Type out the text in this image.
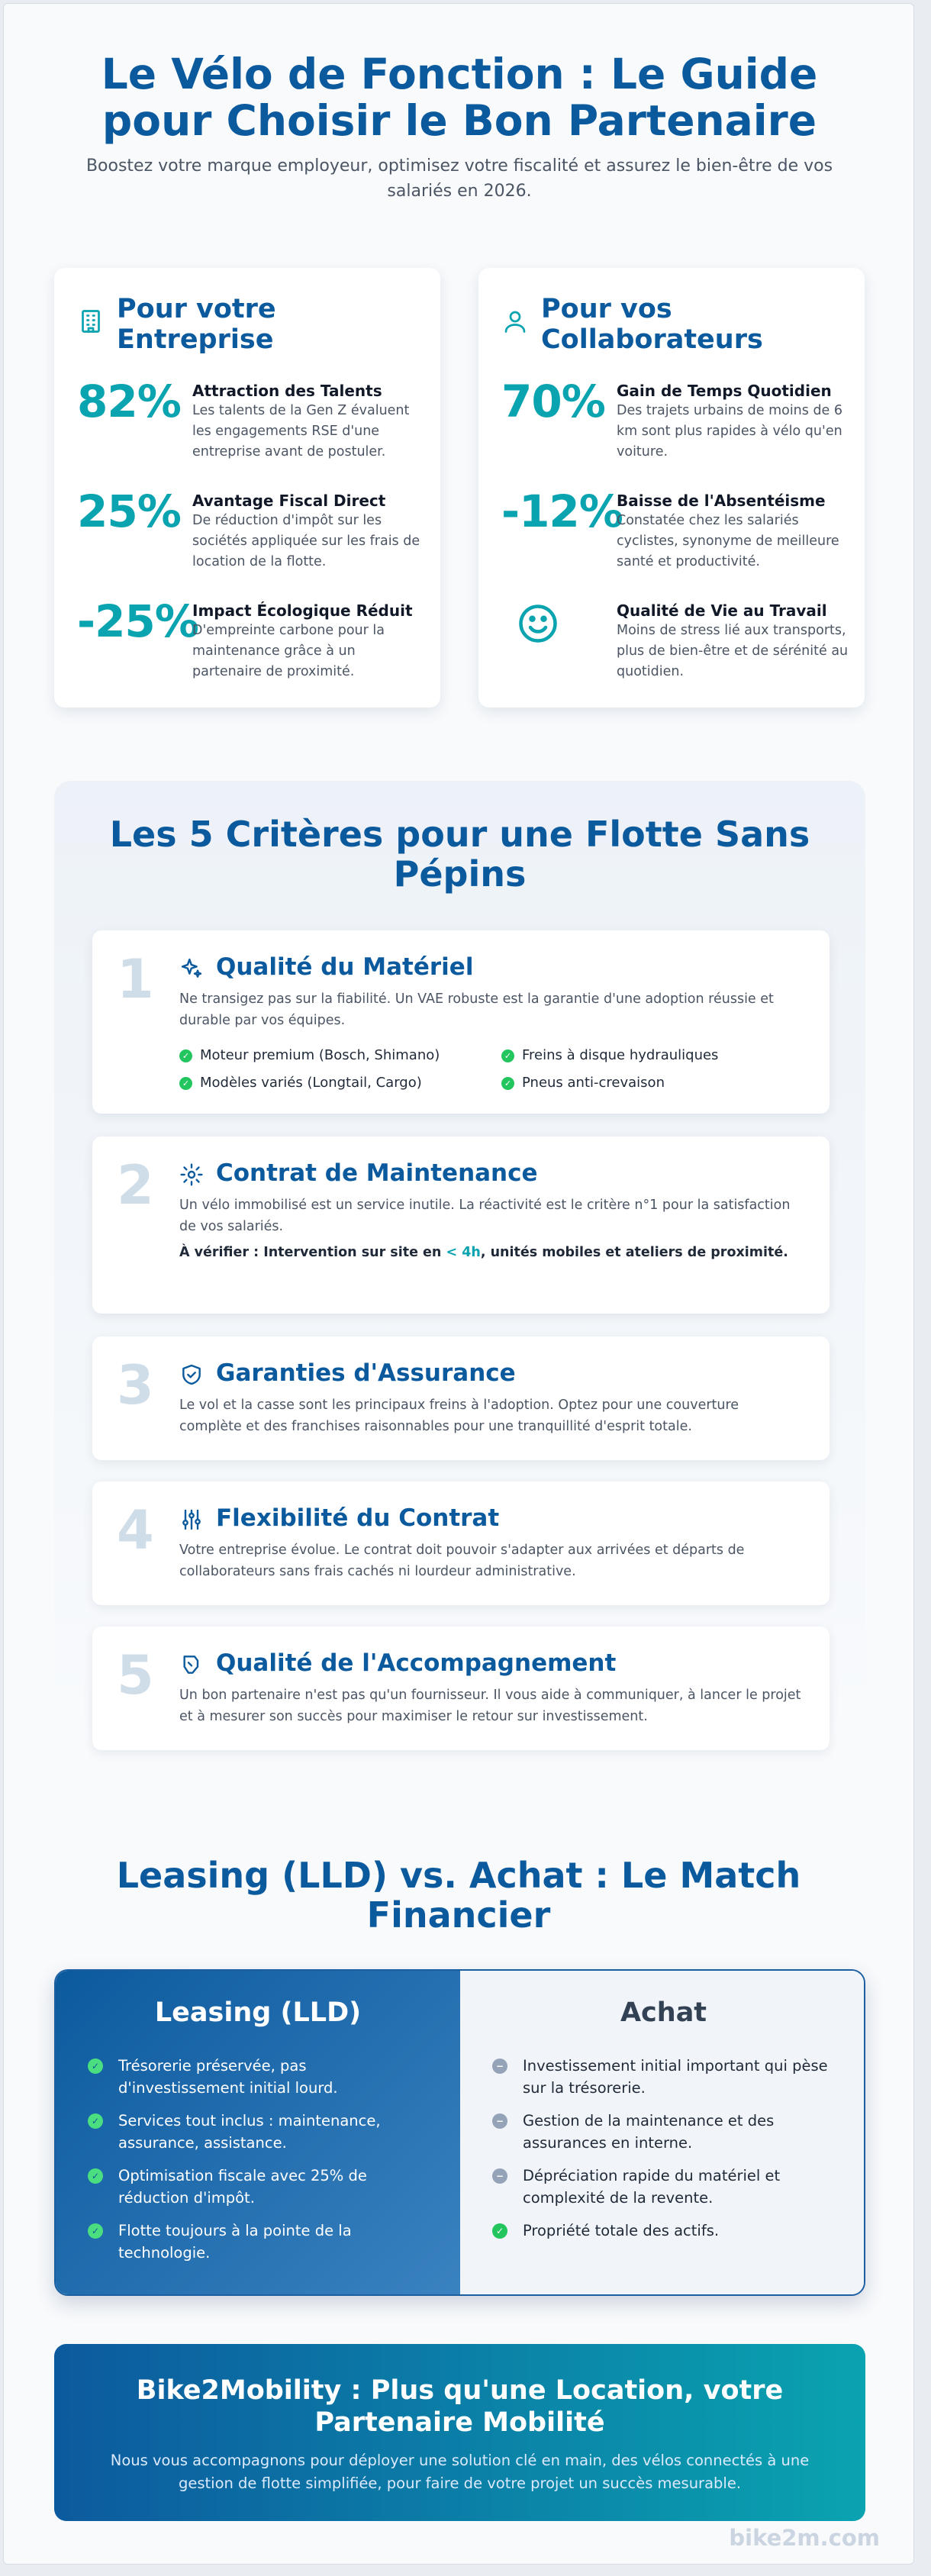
Le Vélo de Fonction : Le Guide pour Choisir le Bon Partenaire

Boostez votre marque employeur, optimisez votre fiscalité et assurez le bien-être de vos salariés en 2026.

Pour votre Entreprise
82% Attraction des Talents

Les talents de la Gen Z évaluent les engagements RSE d'une entreprise avant de postuler.

25% Avantage Fiscal Direct

De réduction d'impôt sur les sociétés appliquée sur les frais de location de la flotte.

-25%
Impact Écologique Réduit

D'empreinte carbone pour la maintenance grâce à un partenaire de proximité.

Pour vos Collaborateurs
70% Gain de Temps Quotidien

Des trajets urbains de moins de 6 km sont plus rapides à vélo qu'en voiture.

-12%
Baisse de l'Absentéisme

Constatée chez les salariés cyclistes, synonyme de meilleure santé et productivité.

Qualité de Vie au Travail

Moins de stress lié aux transports, plus de bien-être et de sérénité au quotidien.

Les 5 Critères pour une Flotte Sans Pépins
1	Qualité du Matériel

Ne transigez pas sur la fiabilité. Un VAE robuste est la garantie d'une adoption réussie et durable par vos équipes.

✓ Moteur premium (Bosch, Shimano)	✓ Freins à disque hydrauliques
✓ Modèles variés (Longtail, Cargo)	✓ Pneus anti-crevaison
2	Contrat de Maintenance

Un vélo immobilisé est un service inutile. La réactivité est le critère n°1 pour la satisfaction de vos salariés.

À vérifier : Intervention sur site en < 4h, unités mobiles et ateliers de proximité.
3	Garanties d'Assurance

Le vol et la casse sont les principaux freins à l'adoption. Optez pour une couverture complète et des franchises raisonnables pour une tranquillité d'esprit totale.

4	Flexibilité du Contrat

Votre entreprise évolue. Le contrat doit pouvoir s'adapter aux arrivées et départs de collaborateurs sans frais cachés ni lourdeur administrative.

5	Qualité de l'Accompagnement

Un bon partenaire n'est pas qu'un fournisseur. Il vous aide à communiquer, à lancer le projet et à mesurer son succès pour maximiser le retour sur investissement.

Leasing (LLD) vs. Achat : Le Match Financier
Leasing (LLD)
✓ Trésorerie préservée, pas d'investissement initial lourd.
✓ Services tout inclus : maintenance, assurance, assistance.
✓ Optimisation fiscale avec 25% de réduction d'impôt.
✓ Flotte toujours à la pointe de la technologie.
Achat
− Investissement initial important qui pèse sur la trésorerie.
− Gestion de la maintenance et des assurances en interne.
− Dépréciation rapide du matériel et complexité de la revente.
✓ Propriété totale des actifs.
Bike2Mobility : Plus qu'une Location, votre Partenaire Mobilité

Nous vous accompagnons pour déployer une solution clé en main, des vélos connectés à une gestion de flotte simplifiée, pour faire de votre projet un succès mesurable.

bike2m.com
